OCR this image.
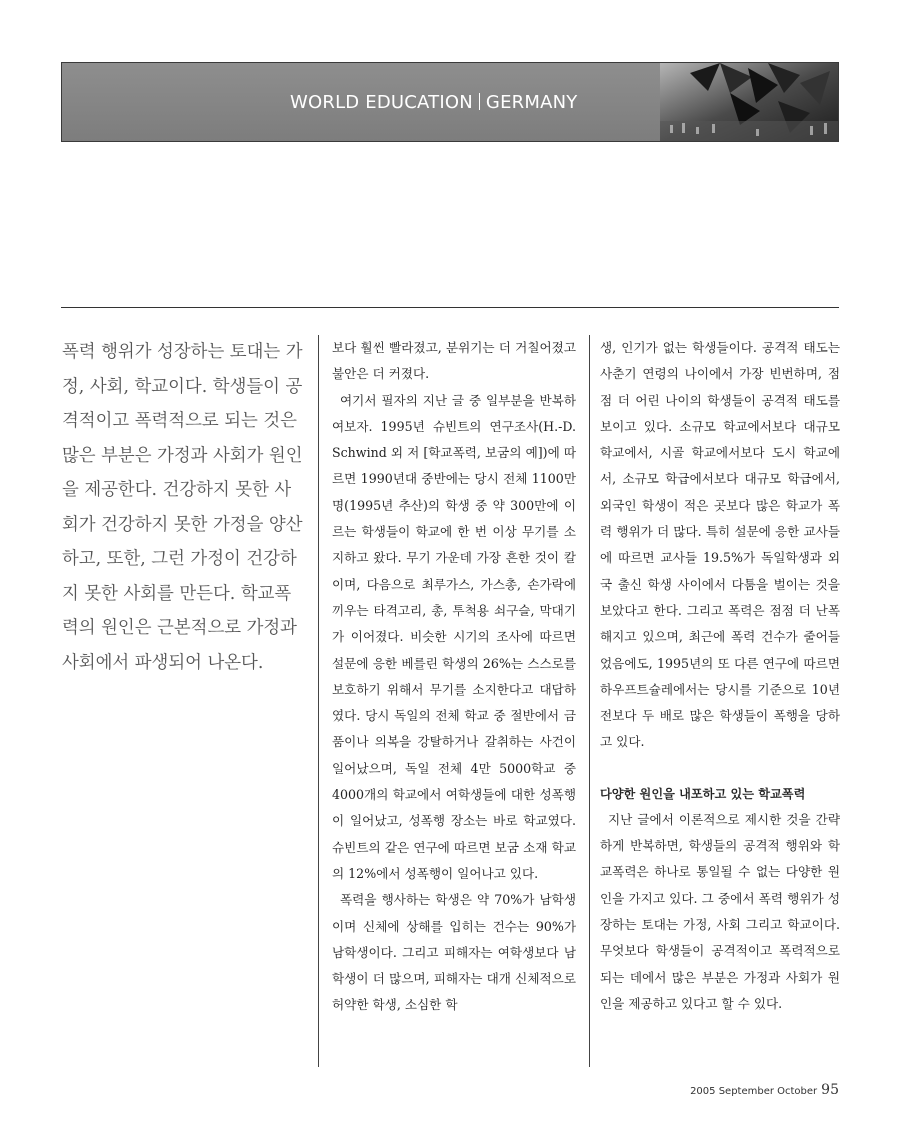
WORLD EDUCATION GERMANY
폭력 행위가 성장하는 토대는 가정, 사회, 학교이다. 학생들이 공격적이고 폭력적으로 되는 것은 많은 부분은 가정과 사회가 원인을 제공한다. 건강하지 못한 사회가 건강하지 못한 가정을 양산하고, 또한, 그런 가정이 건강하지 못한 사회를 만든다. 학교폭력의 원인은 근본적으로 가정과 사회에서 파생되어 나온다.

보다 훨씬 빨라졌고, 분위기는 더 거칠어졌고 불안은 더 커졌다.

여기서 필자의 지난 글 중 일부분을 반복하여보자. 1995년 슈빈트의 연구조사(H.-D. Schwind 외 저 [학교폭력, 보굼의 예])에 따르면 1990년대 중반에는 당시 전체 1100만 명(1995년 추산)의 학생 중 약 300만에 이르는 학생들이 학교에 한 번 이상 무기를 소지하고 왔다. 무기 가운데 가장 흔한 것이 칼이며, 다음으로 최루가스, 가스총, 손가락에 끼우는 타격고리, 총, 투척용 쇠구슬, 막대기가 이어졌다. 비슷한 시기의 조사에 따르면 설문에 응한 베를린 학생의 26%는 스스로를 보호하기 위해서 무기를 소지한다고 대답하였다. 당시 독일의 전체 학교 중 절반에서 금품이나 의복을 강탈하거나 갈취하는 사건이 일어났으며, 독일 전체 4만 5000학교 중 4000개의 학교에서 여학생들에 대한 성폭행이 일어났고, 성폭행 장소는 바로 학교였다. 슈빈트의 같은 연구에 따르면 보굼 소재 학교의 12%에서 성폭행이 일어나고 있다.

폭력을 행사하는 학생은 약 70%가 남학생이며 신체에 상해를 입히는 건수는 90%가 남학생이다. 그리고 피해자는 여학생보다 남학생이 더 많으며, 피해자는 대개 신체적으로 허약한 학생, 소심한 학

생, 인기가 없는 학생들이다. 공격적 태도는 사춘기 연령의 나이에서 가장 빈번하며, 점점 더 어린 나이의 학생들이 공격적 태도를 보이고 있다. 소규모 학교에서보다 대규모 학교에서, 시골 학교에서보다 도시 학교에서, 소규모 학급에서보다 대규모 학급에서, 외국인 학생이 적은 곳보다 많은 학교가 폭력 행위가 더 많다. 특히 설문에 응한 교사들에 따르면 교사들 19.5%가 독일학생과 외국 출신 학생 사이에서 다툼을 벌이는 것을 보았다고 한다. 그리고 폭력은 점점 더 난폭해지고 있으며, 최근에 폭력 건수가 줄어들었음에도, 1995년의 또 다른 연구에 따르면 하우프트슐레에서는 당시를 기준으로 10년 전보다 두 배로 많은 학생들이 폭행을 당하고 있다.

다양한 원인을 내포하고 있는 학교폭력

지난 글에서 이론적으로 제시한 것을 간략하게 반복하면, 학생들의 공격적 행위와 학교폭력은 하나로 통일될 수 없는 다양한 원인을 가지고 있다. 그 중에서 폭력 행위가 성장하는 토대는 가정, 사회 그리고 학교이다. 무엇보다 학생들이 공격적이고 폭력적으로 되는 데에서 많은 부분은 가정과 사회가 원인을 제공하고 있다고 할 수 있다.

2005 September October 95
